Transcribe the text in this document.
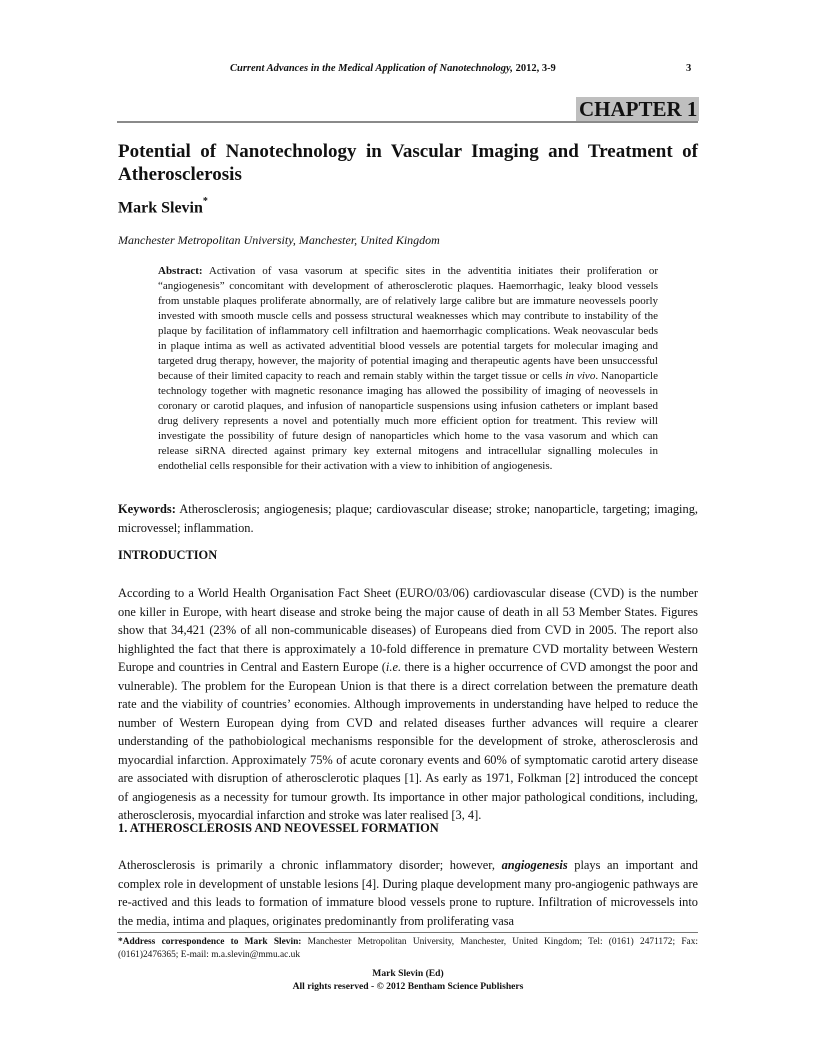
Current Advances in the Medical Application of Nanotechnology, 2012, 3-9	3
CHAPTER 1
Potential of Nanotechnology in Vascular Imaging and Treatment of Atherosclerosis
Mark Slevin*
Manchester Metropolitan University, Manchester, United Kingdom
Abstract: Activation of vasa vasorum at specific sites in the adventitia initiates their proliferation or “angiogenesis” concomitant with development of atherosclerotic plaques. Haemorrhagic, leaky blood vessels from unstable plaques proliferate abnormally, are of relatively large calibre but are immature neovessels poorly invested with smooth muscle cells and possess structural weaknesses which may contribute to instability of the plaque by facilitation of inflammatory cell infiltration and haemorrhagic complications. Weak neovascular beds in plaque intima as well as activated adventitial blood vessels are potential targets for molecular imaging and targeted drug therapy, however, the majority of potential imaging and therapeutic agents have been unsuccessful because of their limited capacity to reach and remain stably within the target tissue or cells in vivo. Nanoparticle technology together with magnetic resonance imaging has allowed the possibility of imaging of neovessels in coronary or carotid plaques, and infusion of nanoparticle suspensions using infusion catheters or implant based drug delivery represents a novel and potentially much more efficient option for treatment. This review will investigate the possibility of future design of nanoparticles which home to the vasa vasorum and which can release siRNA directed against primary key external mitogens and intracellular signalling molecules in endothelial cells responsible for their activation with a view to inhibition of angiogenesis.
Keywords: Atherosclerosis; angiogenesis; plaque; cardiovascular disease; stroke; nanoparticle, targeting; imaging, microvessel; inflammation.
INTRODUCTION
According to a World Health Organisation Fact Sheet (EURO/03/06) cardiovascular disease (CVD) is the number one killer in Europe, with heart disease and stroke being the major cause of death in all 53 Member States. Figures show that 34,421 (23% of all non-communicable diseases) of Europeans died from CVD in 2005. The report also highlighted the fact that there is approximately a 10-fold difference in premature CVD mortality between Western Europe and countries in Central and Eastern Europe (i.e. there is a higher occurrence of CVD amongst the poor and vulnerable). The problem for the European Union is that there is a direct correlation between the premature death rate and the viability of countries’ economies. Although improvements in understanding have helped to reduce the number of Western European dying from CVD and related diseases further advances will require a clearer understanding of the pathobiological mechanisms responsible for the development of stroke, atherosclerosis and myocardial infarction. Approximately 75% of acute coronary events and 60% of symptomatic carotid artery disease are associated with disruption of atherosclerotic plaques [1]. As early as 1971, Folkman [2] introduced the concept of angiogenesis as a necessity for tumour growth. Its importance in other major pathological conditions, including, atherosclerosis, myocardial infarction and stroke was later realised [3, 4].
1. ATHEROSCLEROSIS AND NEOVESSEL FORMATION
Atherosclerosis is primarily a chronic inflammatory disorder; however, angiogenesis plays an important and complex role in development of unstable lesions [4]. During plaque development many pro-angiogenic pathways are re-actived and this leads to formation of immature blood vessels prone to rupture. Infiltration of microvessels into the media, intima and plaques, originates predominantly from proliferating vasa
*Address correspondence to Mark Slevin: Manchester Metropolitan University, Manchester, United Kingdom; Tel: (0161) 2471172; Fax: (0161)2476365; E-mail: m.a.slevin@mmu.ac.uk
Mark Slevin (Ed)
All rights reserved - © 2012 Bentham Science Publishers
